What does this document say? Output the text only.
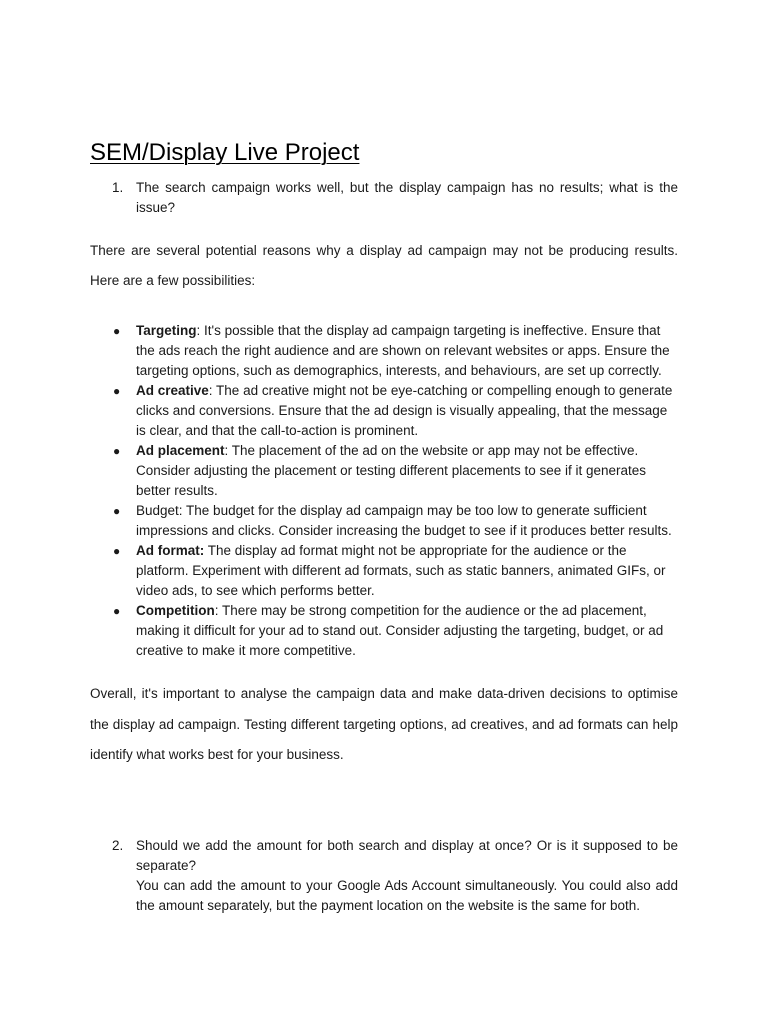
SEM/Display Live Project
1. The search campaign works well, but the display campaign has no results; what is the issue?

There are several potential reasons why a display ad campaign may not be producing results. Here are a few possibilities:

● Targeting: It's possible that the display ad campaign targeting is ineffective. Ensure that the ads reach the right audience and are shown on relevant websites or apps. Ensure the targeting options, such as demographics, interests, and behaviours, are set up correctly.
● Ad creative: The ad creative might not be eye-catching or compelling enough to generate clicks and conversions. Ensure that the ad design is visually appealing, that the message is clear, and that the call-to-action is prominent.
● Ad placement: The placement of the ad on the website or app may not be effective. Consider adjusting the placement or testing different placements to see if it generates better results.
● Budget: The budget for the display ad campaign may be too low to generate sufficient impressions and clicks. Consider increasing the budget to see if it produces better results.
● Ad format: The display ad format might not be appropriate for the audience or the platform. Experiment with different ad formats, such as static banners, animated GIFs, or video ads, to see which performs better.
● Competition: There may be strong competition for the audience or the ad placement, making it difficult for your ad to stand out. Consider adjusting the targeting, budget, or ad creative to make it more competitive.

Overall, it's important to analyse the campaign data and make data-driven decisions to optimise the display ad campaign. Testing different targeting options, ad creatives, and ad formats can help identify what works best for your business.

2. Should we add the amount for both search and display at once? Or is it supposed to be separate?
You can add the amount to your Google Ads Account simultaneously. You could also add the amount separately, but the payment location on the website is the same for both.
